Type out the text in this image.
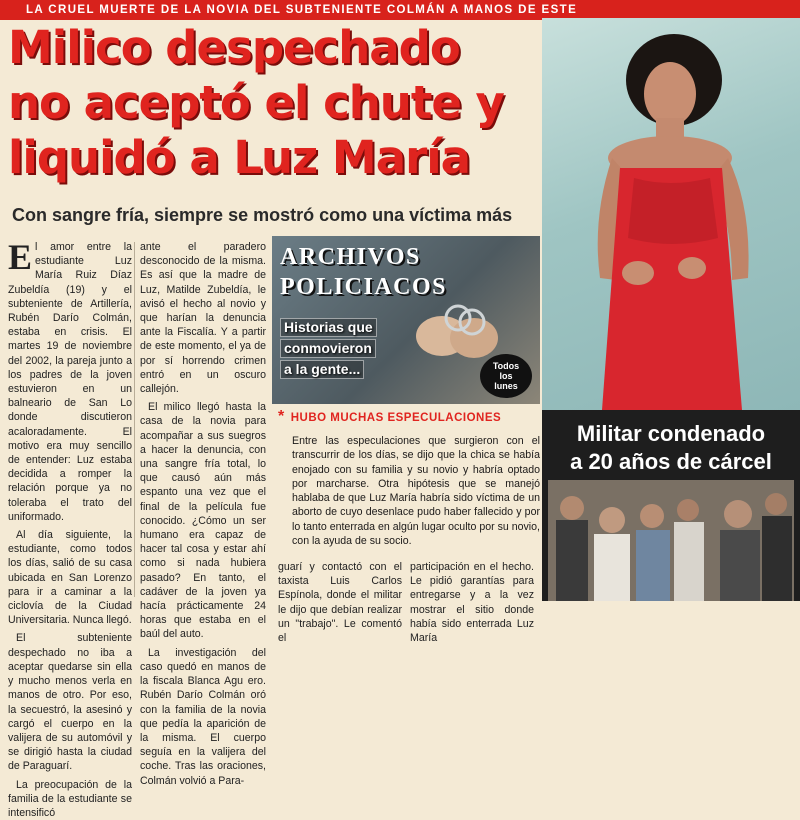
LA CRUEL MUERTE DE LA NOVIA DEL SUBTENIENTE COLMÁN A MANOS DE ESTE
Milico despechado
no aceptó el chute y
liquidó a Luz María
Con sangre fría, siempre se mostró como una víctima más

El amor entre la estudiante Luz María Ruiz Díaz Zubeldía (19) y el subteniente de Artillería, Rubén Darío Colmán, estaba en crisis. El martes 19 de noviembre del 2002, la pareja junto a los padres de la joven estuvieron en un balneario de San Lo donde discutieron acaloradamente. El motivo era muy sencillo de entender: Luz estaba decidida a romper la relación porque ya no toleraba el trato del uniformado.

Al día siguiente, la estudiante, como todos los días, salió de su casa ubicada en San Lorenzo para ir a caminar a la ciclovía de la Ciudad Universitaria. Nunca llegó.

El subteniente despechado no iba a aceptar quedarse sin ella y mucho menos verla en manos de otro. Por eso, la secuestró, la asesinó y cargó el cuerpo en la valijera de su automóvil y se dirigió hasta la ciudad de Paraguarí.

La preocupación de la familia de la estudiante se intensificó

ante el paradero desconocido de la misma. Es así que la madre de Luz, Matilde Zubeldía, le avisó el hecho al novio y que harían la denuncia ante la Fiscalía. Y a partir de este momento, el ya de por sí horrendo crimen entró en un oscuro callejón.

El milico llegó hasta la casa de la novia para acompañar a sus suegros a hacer la denuncia, con una sangre fría total, lo que causó aún más espanto una vez que el final de la película fue conocido. ¿Cómo un ser humano era capaz de hacer tal cosa y estar ahí como si nada hubiera pasado? En tanto, el cadáver de la joven ya hacía prácticamente 24 horas que estaba en el baúl del auto.

La investigación del caso quedó en manos de la fiscala Blanca Agu ero. Rubén Darío Colmán oró con la familia de la novia que pedía la aparición de la misma. El cuerpo seguía en la valijera del coche. Tras las oraciones, Colmán volvió a Para-

ARCHIVOS
POLICIACOS
Historias que
conmovieron
a la gente...	Todos
los
lunes
* HUBO MUCHAS ESPECULACIONES
Entre las especulaciones que surgieron con el transcurrir de los días, se dijo que la chica se había enojado con su familia y su novio y habría optado por marcharse. Otra hipótesis que se manejó hablaba de que Luz María habría sido víctima de un aborto de cuyo desenlace pudo haber fallecido y por lo tanto enterrada en algún lugar oculto por su novio, con la ayuda de su socio.

guarí y contactó con el taxista Luis Carlos Espínola, donde el militar le dijo que debían realizar un "trabajo". Le comentó el

participación en el hecho. Le pidió garantías para entregarse y a la vez mostrar el sitio donde había sido enterrada Luz María

Militar condenado
a 20 años de cárcel
